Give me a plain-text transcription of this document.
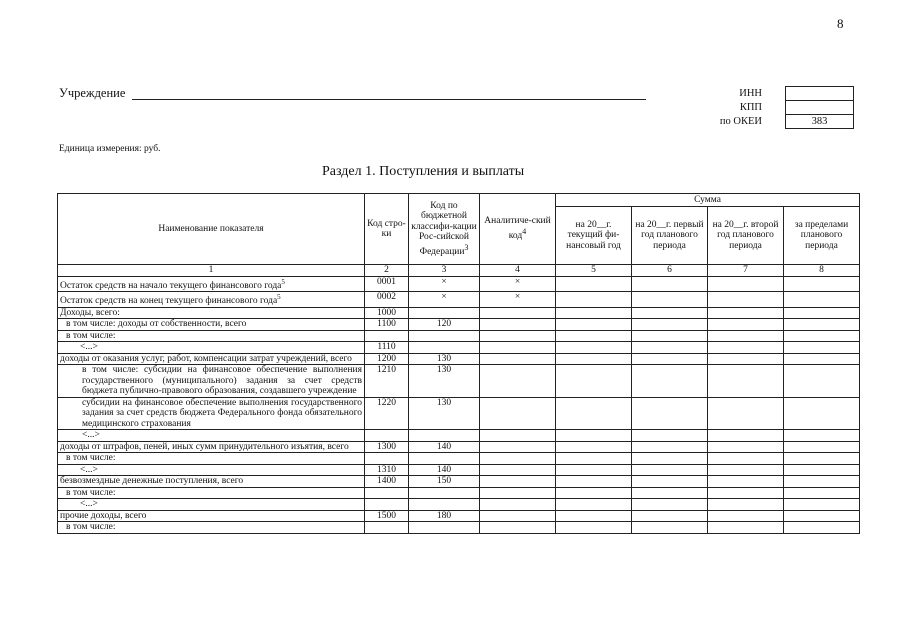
8
Учреждение	ИНН
КПП
по ОКЕИ	383
Единица измерения: руб.
Раздел 1. Поступления и выплаты
Наименование показателя	Код стро-ки	Код по бюджетной классифи-кации Рос-сийской Федерации$^3$	Аналитиче-ский код$^4$	Сумма			
				на 20__г. текущий фи-нансовый год	на 20__г. первый год планового периода	на 20__г. второй год планового периода	за пределами планового периода
1	2	3	4	5	6	7	8
Остаток средств на начало текущего финансового года$^5$	0001	×	×				
Остаток средств на конец текущего финансового года$^5$	0002	×	×				
Доходы, всего:	1000						
в том числе: доходы от собственности, всего	1100	120					
в том числе:							
<...>	1110						
доходы от оказания услуг, работ, компенсации затрат учреждений, всего	1200	130					
в том числе: субсидии на финансовое обеспечение выполнения государственного (муниципального) задания за счет средств бюджета публично-правового образования, создавшего учреждение	1210	130					
субсидии на финансовое обеспечение выполнения государственного задания за счет средств бюджета Федерального фонда обязательного медицинского страхования	1220	130					
<...>							
доходы от штрафов, пеней, иных сумм принудительного изъятия, всего	1300	140					
в том числе:							
<...>	1310	140					
безвозмездные денежные поступления, всего	1400	150					
в том числе:							
<...>							
прочие доходы, всего	1500	180					
в том числе:							
